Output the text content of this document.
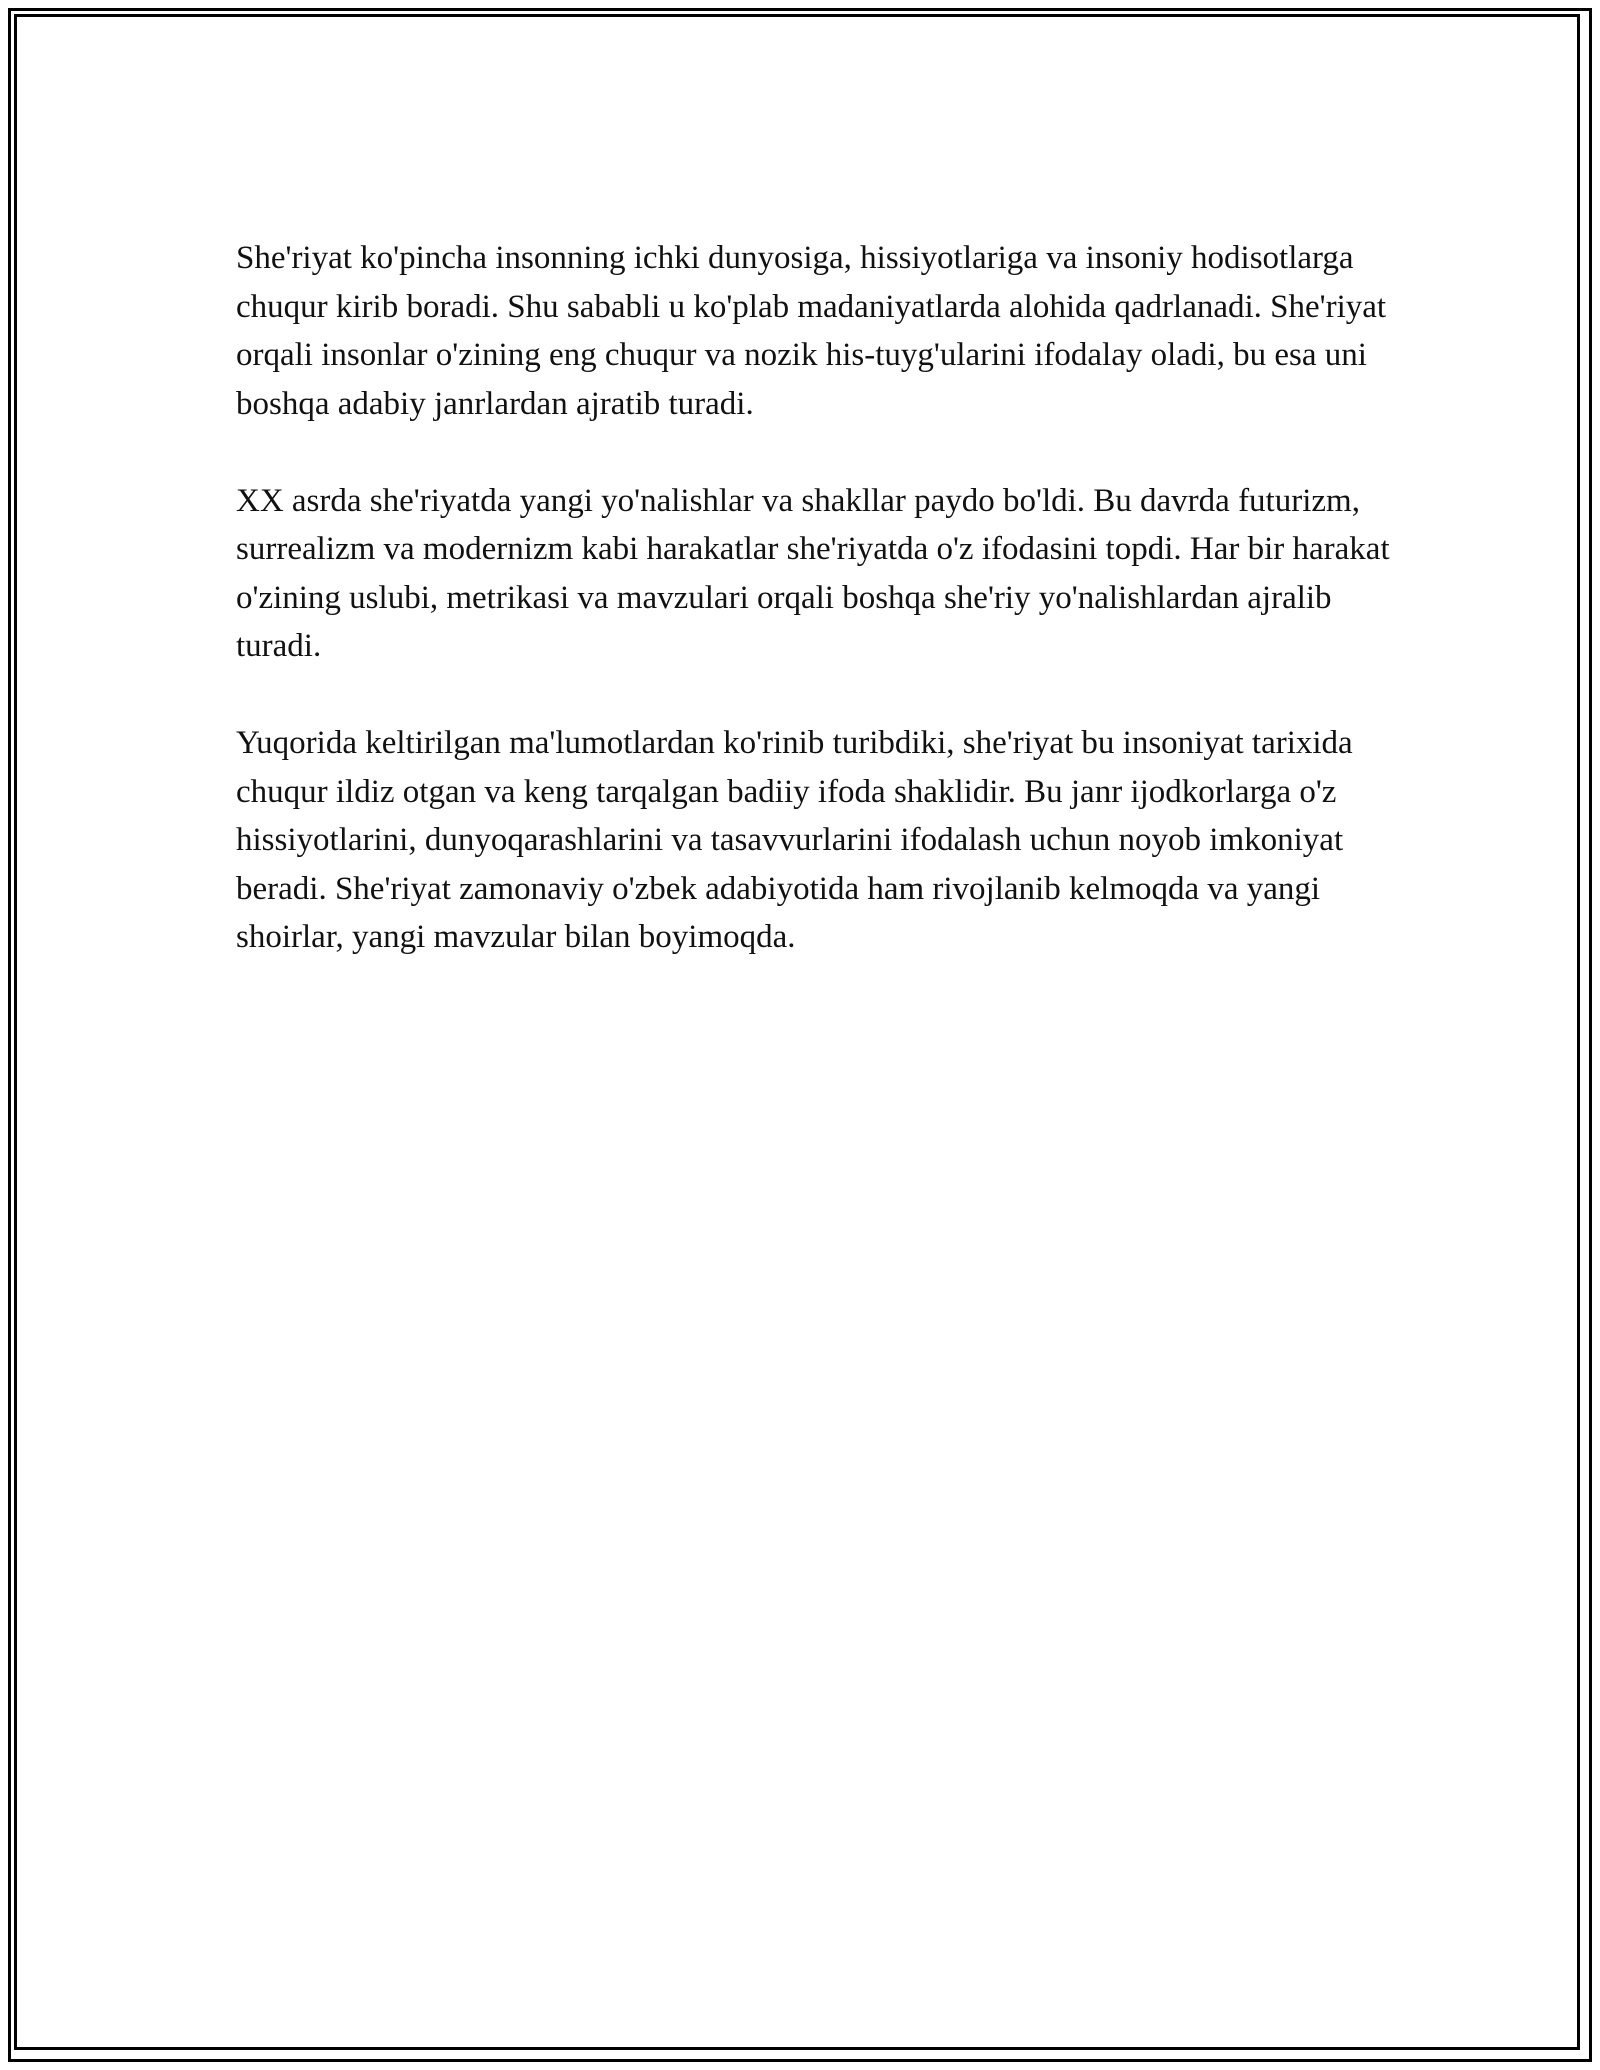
She'riyat ko'pincha insonning ichki dunyosiga, hissiyotlariga va insoniy hodisotlarga chuqur kirib boradi. Shu sababli u ko'plab madaniyatlarda alohida qadrlanadi. She'riyat orqali insonlar o'zining eng chuqur va nozik his-tuyg'ularini ifodalay oladi, bu esa uni boshqa adabiy janrlardan ajratib turadi.

XX asrda she'riyatda yangi yo'nalishlar va shakllar paydo bo'ldi. Bu davrda futurizm, surrealizm va modernizm kabi harakatlar she'riyatda o'z ifodasini topdi. Har bir harakat o'zining uslubi, metrikasi va mavzulari orqali boshqa she'riy yo'nalishlardan ajralib turadi.

Yuqorida keltirilgan ma'lumotlardan ko'rinib turibdiki, she'riyat bu insoniyat tarixida chuqur ildiz otgan va keng tarqalgan badiiy ifoda shaklidir. Bu janr ijodkorlarga o'z hissiyotlarini, dunyoqarashlarini va tasavvurlarini ifodalash uchun noyob imkoniyat beradi. She'riyat zamonaviy o'zbek adabiyotida ham rivojlanib kelmoqda va yangi shoirlar, yangi mavzular bilan boyimoqda.
